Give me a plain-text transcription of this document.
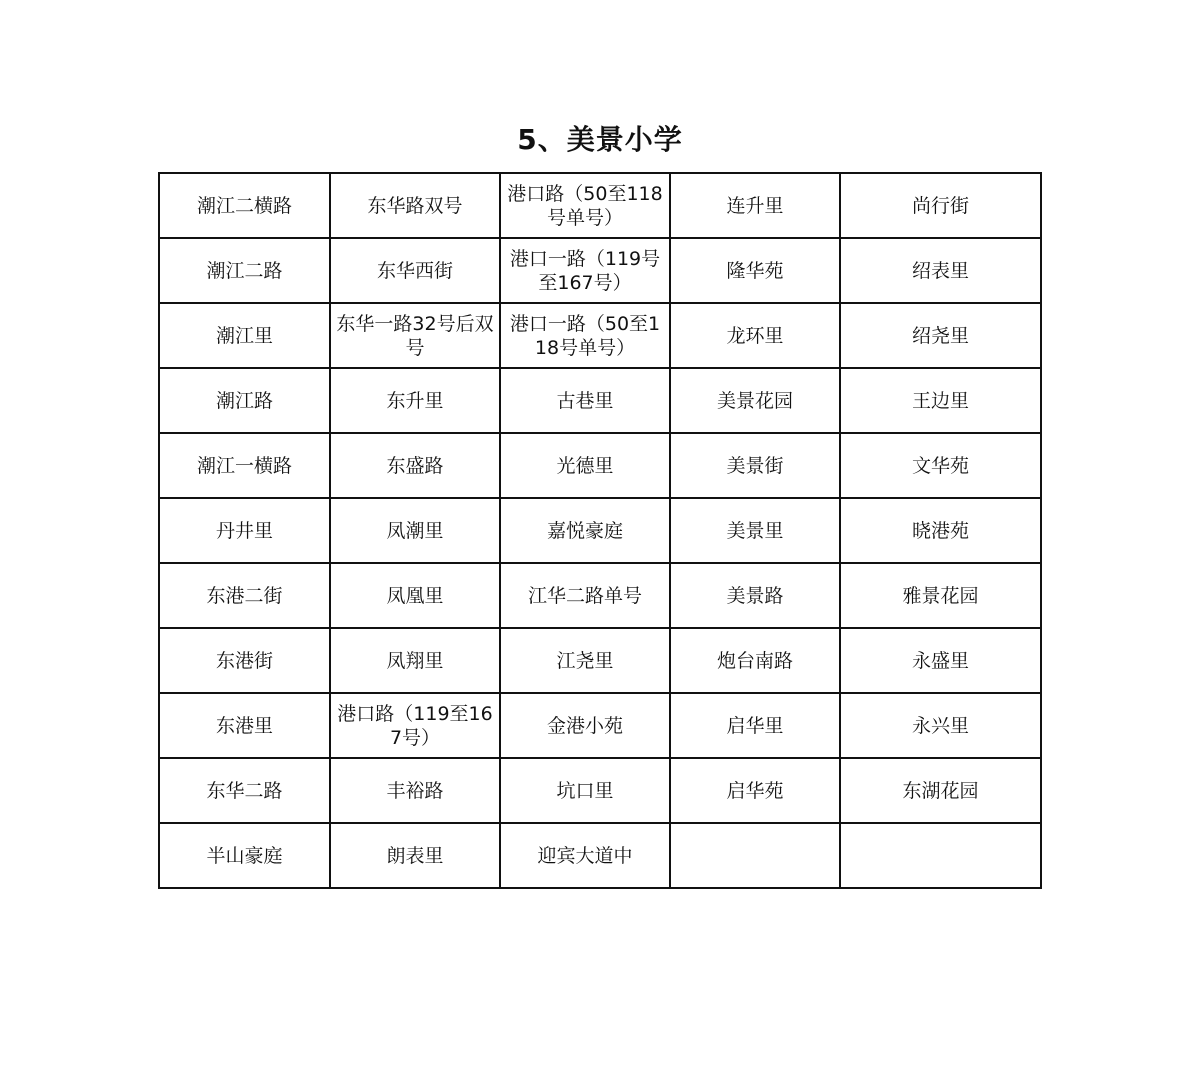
5、美景小学
潮江二横路	东华路双号	港口路（50至118号单号）	连升里	尚行街
潮江二路	东华西街	港口一路（119号至167号）	隆华苑	绍表里
潮江里	东华一路32号后双号	港口一路（50至118号单号）	龙环里	绍尧里
潮江路	东升里	古巷里	美景花园	王边里
潮江一横路	东盛路	光德里	美景街	文华苑
丹井里	凤潮里	嘉悦豪庭	美景里	晓港苑
东港二街	凤凰里	江华二路单号	美景路	雅景花园
东港街	凤翔里	江尧里	炮台南路	永盛里
东港里	港口路（119至167号）	金港小苑	启华里	永兴里
东华二路	丰裕路	坑口里	启华苑	东湖花园
半山豪庭	朗表里	迎宾大道中		
